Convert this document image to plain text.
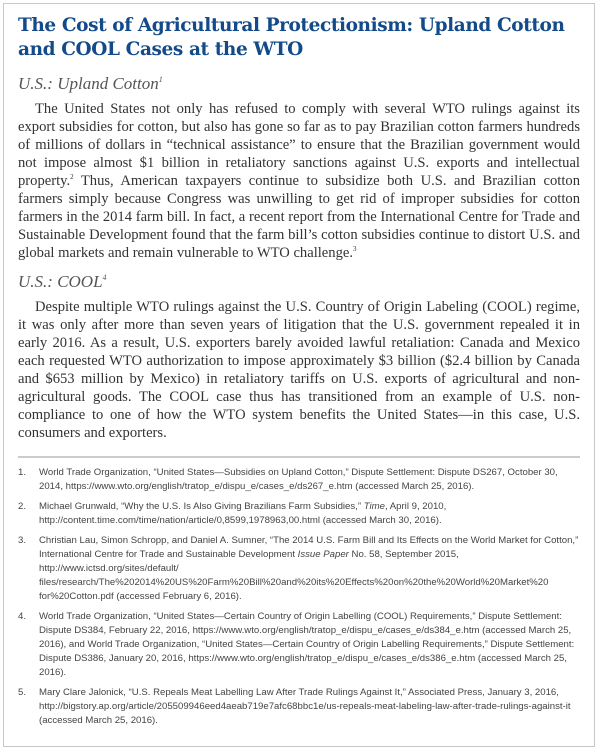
The Cost of Agricultural Protectionism: Upland Cotton and COOL Cases at the WTO
U.S.: Upland Cotton$^1$

The United States not only has refused to comply with several WTO rulings against its export subsidies for cotton, but also has gone so far as to pay Brazilian cotton farmers hundreds of millions of dollars in “technical assistance” to ensure that the Brazilian government would not impose almost $1 billion in retaliatory sanctions against U.S. exports and intellectual property.$^2$ Thus, American taxpayers continue to subsidize both U.S. and Brazilian cotton farmers simply because Congress was unwilling to get rid of improper subsidies for cotton farmers in the 2014 farm bill. In fact, a recent report from the International Centre for Trade and Sustainable Development found that the farm bill’s cotton subsidies continue to distort U.S. and global markets and remain vulnerable to WTO challenge.$^3$

U.S.: COOL$^4$

Despite multiple WTO rulings against the U.S. Country of Origin Labeling (COOL) regime, it was only after more than seven years of litigation that the U.S. government repealed it in early 2016. As a result, U.S. exporters barely avoided lawful retaliation: Canada and Mexico each requested WTO authorization to impose approximately $3 billion ($2.4 billion by Canada and $653 million by Mexico) in retaliatory tariffs on U.S. exports of agricultural and non-agricultural goods. The COOL case thus has transitioned from an example of U.S. non-compliance to one of how the WTO system benefits the United States—in this case, U.S. consumers and exporters.

1. World Trade Organization, “United States—Subsidies on Upland Cotton,” Dispute Settlement: Dispute DS267, October 30, 2014, https://www.wto.org/english/tratop_e/dispu_e/cases_e/ds267_e.htm (accessed March 25, 2016).
2. Michael Grunwald, “Why the U.S. Is Also Giving Brazilians Farm Subsidies,” Time, April 9, 2010, http://content.time.com/time/nation/article/0,8599,1978963,00.html (accessed March 30, 2016).
3. Christian Lau, Simon Schropp, and Daniel A. Sumner, “The 2014 U.S. Farm Bill and Its Effects on the World Market for Cotton,” International Centre for Trade and Sustainable Development Issue Paper No. 58, September 2015, http://www.ictsd.org/sites/default/ files/research/The%202014%20US%20Farm%20Bill%20and%20its%20Effects%20on%20the%20World%20Market%20 for%20Cotton.pdf (accessed February 6, 2016).
4. World Trade Organization, “United States—Certain Country of Origin Labelling (COOL) Requirements,” Dispute Settlement: Dispute DS384, February 22, 2016, https://www.wto.org/english/tratop_e/dispu_e/cases_e/ds384_e.htm (accessed March 25, 2016), and World Trade Organization, “United States—Certain Country of Origin Labelling Requirements,” Dispute Settlement: Dispute DS386, January 20, 2016, https://www.wto.org/english/tratop_e/dispu_e/cases_e/ds386_e.htm (accessed March 25, 2016).
5. Mary Clare Jalonick, “U.S. Repeals Meat Labelling Law After Trade Rulings Against It,” Associated Press, January 3, 2016, http://bigstory.ap.org/article/205509946eed4aeab719e7afc68bbc1e/us-repeals-meat-labeling-law-after-trade-rulings-against-it (accessed March 25, 2016).
